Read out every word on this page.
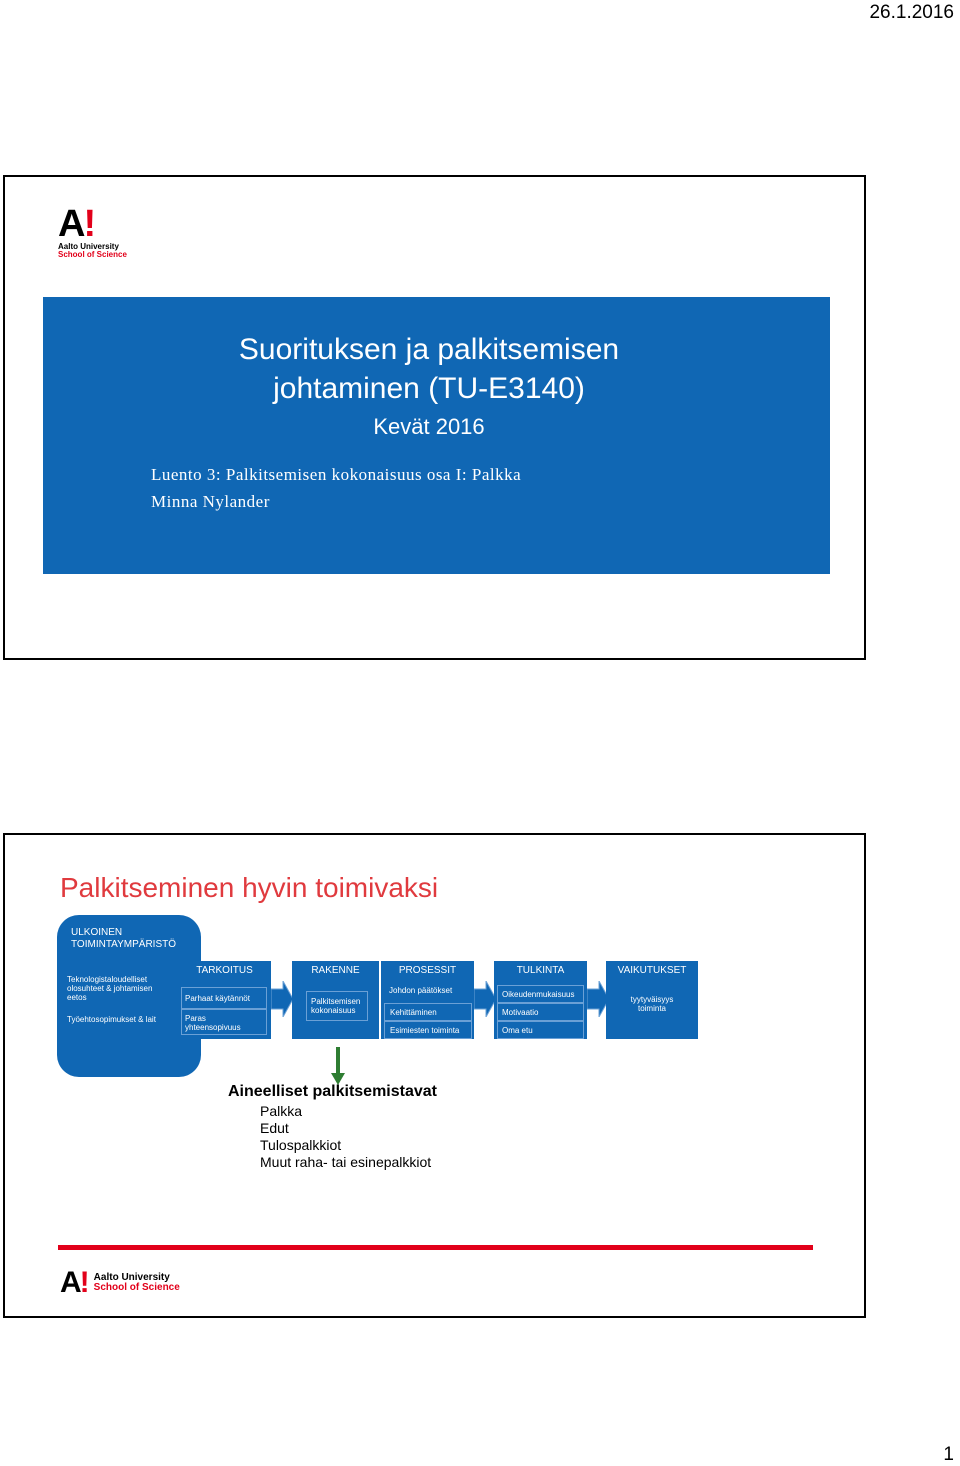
26.1.2016
A!
Aalto University
School of Science
Suorituksen ja palkitsemisen
johtaminen (TU-E3140)
Kevät 2016
Luento 3: Palkitsemisen kokonaisuus osa I: Palkka
Minna Nylander
Palkitseminen hyvin toimivaksi
ULKOINEN
TOIMINTAYMPÄRISTÖ
Teknologistaloudelliset olosuhteet & johtamisen eetos
Työehtosopimukset & lait
TARKOITUS
Parhaat käytännöt
Paras yhteensopivuus
RAKENNE
Palkitsemisen kokonaisuus
PROSESSIT
Johdon päätökset
Kehittäminen
Esimiesten toiminta
TULKINTA
Oikeudenmukaisuus
Motivaatio
Oma etu
VAIKUTUKSET
tyytyväisyys toiminta
Aineelliset palkitsemistavat
Palkka
Edut
Tulospalkkiot
Muut raha- tai esinepalkkiot
A! Aalto University
School of Science
1
